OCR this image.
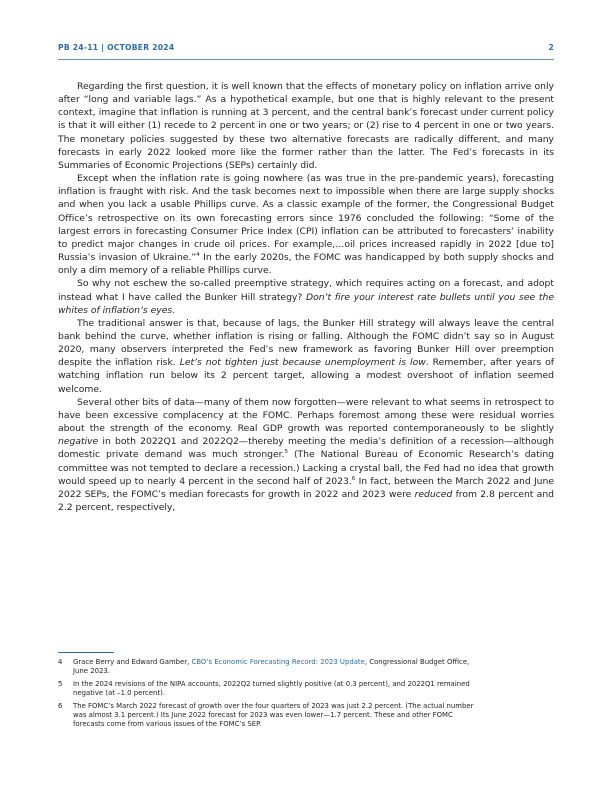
PB 24-11 | OCTOBER 2024	2

Regarding the first question, it is well known that the effects of monetary policy on inflation arrive only after “long and variable lags.” As a hypothetical example, but one that is highly relevant to the present context, imagine that inflation is running at 3 percent, and the central bank’s forecast under current policy is that it will either (1) recede to 2 percent in one or two years; or (2) rise to 4 percent in one or two years. The monetary policies suggested by these two alternative forecasts are radically different, and many forecasts in early 2022 looked more like the former rather than the latter. The Fed’s forecasts in its Summaries of Economic Projections (SEPs) certainly did.

Except when the inflation rate is going nowhere (as was true in the pre-pandemic years), forecasting inflation is fraught with risk. And the task becomes next to impossible when there are large supply shocks and when you lack a usable Phillips curve. As a classic example of the former, the Congressional Budget Office’s retrospective on its own forecasting errors since 1976 concluded the following: “Some of the largest errors in forecasting Consumer Price Index (CPI) inflation can be attributed to forecasters’ inability to predict major changes in crude oil prices. For example,…oil prices increased rapidly in 2022 [due to] Russia’s invasion of Ukraine.”$^4$ In the early 2020s, the FOMC was handicapped by both supply shocks and only a dim memory of a reliable Phillips curve.

So why not eschew the so-called preemptive strategy, which requires acting on a forecast, and adopt instead what I have called the Bunker Hill strategy? Don’t fire your interest rate bullets until you see the whites of inflation’s eyes.

The traditional answer is that, because of lags, the Bunker Hill strategy will always leave the central bank behind the curve, whether inflation is rising or falling. Although the FOMC didn’t say so in August 2020, many observers interpreted the Fed’s new framework as favoring Bunker Hill over preemption despite the inflation risk. Let’s not tighten just because unemployment is low. Remember, after years of watching inflation run below its 2 percent target, allowing a modest overshoot of inflation seemed welcome.

Several other bits of data—many of them now forgotten—were relevant to what seems in retrospect to have been excessive complacency at the FOMC. Perhaps foremost among these were residual worries about the strength of the economy. Real GDP growth was reported contemporaneously to be slightly negative in both 2022Q1 and 2022Q2—thereby meeting the media’s definition of a recession—although domestic private demand was much stronger.$^5$ (The National Bureau of Economic Research’s dating committee was not tempted to declare a recession.) Lacking a crystal ball, the Fed had no idea that growth would speed up to nearly 4 percent in the second half of 2023.$^6$ In fact, between the March 2022 and June 2022 SEPs, the FOMC’s median forecasts for growth in 2022 and 2023 were reduced from 2.8 percent and 2.2 percent, respectively,

4	Grace Berry and Edward Gamber, CBO’s Economic Forecasting Record: 2023 Update, Congressional Budget Office, June 2023.
5	In the 2024 revisions of the NIPA accounts, 2022Q2 turned slightly positive (at 0.3 percent), and 2022Q1 remained negative (at –1.0 percent).
6	The FOMC’s March 2022 forecast of growth over the four quarters of 2023 was just 2.2 percent. (The actual number was almost 3.1 percent.) Its June 2022 forecast for 2023 was even lower—1.7 percent. These and other FOMC forecasts come from various issues of the FOMC’s SEP.
